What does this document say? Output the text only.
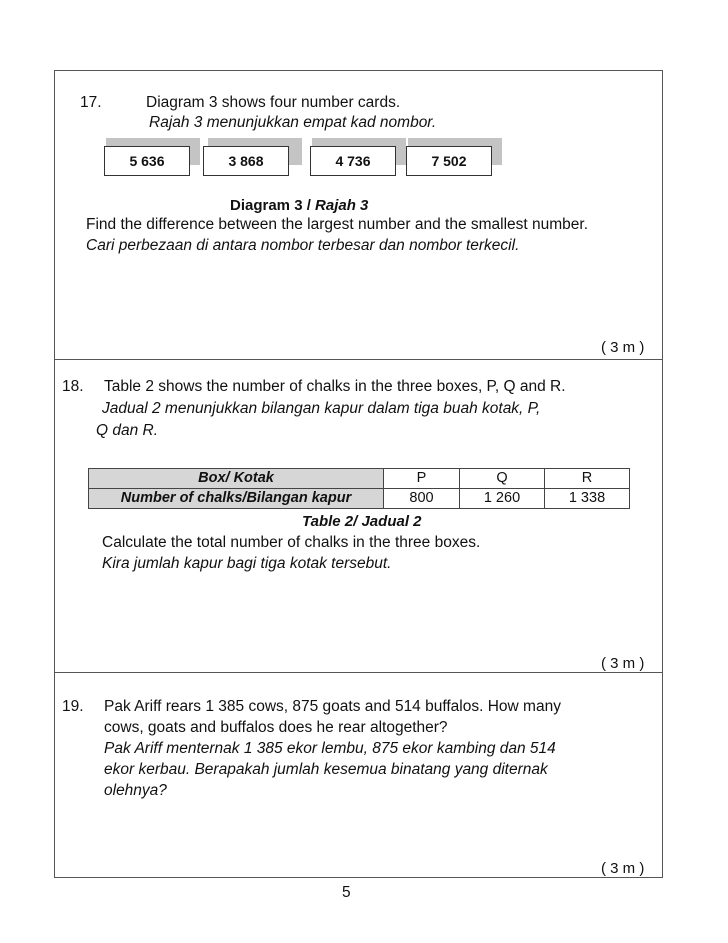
17.	Diagram 3 shows four number cards.
Rajah 3 menunjukkan empat kad nombor.
5 636	3 868	4 736	7 502
Diagram 3 / Rajah 3
Find the difference between the largest number and the smallest number.
Cari perbezaan di antara nombor terbesar dan nombor terkecil.
( 3 m )
18. Table 2 shows the number of chalks in the three boxes, P, Q and R.
Jadual 2 menunjukkan bilangan kapur dalam tiga buah kotak, P,
Q dan R.
Box/ Kotak	P	Q	R
Number of chalks/Bilangan kapur	800	1 260	1 338
Table 2/ Jadual 2
Calculate the total number of chalks in the three boxes.
Kira jumlah kapur bagi tiga kotak tersebut.
( 3 m )
19. Pak Ariff rears 1 385 cows, 875 goats and 514 buffalos. How many
cows, goats and buffalos does he rear altogether?
Pak Ariff menternak 1 385 ekor lembu, 875 ekor kambing dan 514
ekor kerbau. Berapakah jumlah kesemua binatang yang diternak
olehnya?
( 3 m )
5
